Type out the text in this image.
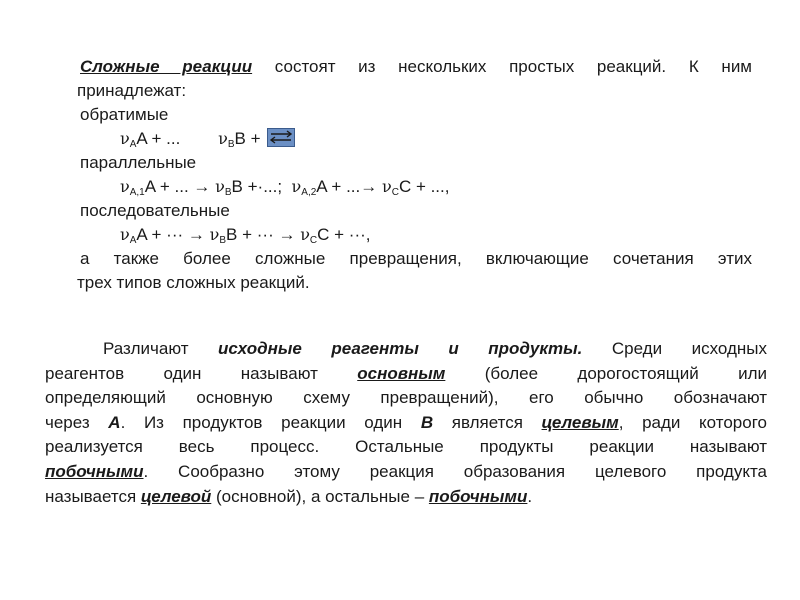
Сложные реакции состоят из нескольких простых реакций. К ним
принадлежат:
обратимые
$\nu_AA$ + ...        $\nu_BB$ +
параллельные
$\nu_{A,1}A$ + ... → $\nu_BB$ +·...;  $\nu_{A,2}A$ + ...→ $\nu_CC$ + ...,
последовательные
$\nu_AA$ + ··· → $\nu_BB$ + ··· → $\nu_CC$ + ···,
а также более сложные превращения, включающие сочетания этих
трех типов сложных реакций.
Различают исходные реагенты и продукты. Среди исходных
реагентов один называют основным (более дорогостоящий или
определяющий основную схему превращений), его обычно обозначают
через А. Из продуктов реакции один В является целевым, ради которого
реализуется весь процесс. Остальные продукты реакции называют
побочными. Сообразно этому реакция образования целевого продукта
называется целевой (основной), а остальные – побочными.
